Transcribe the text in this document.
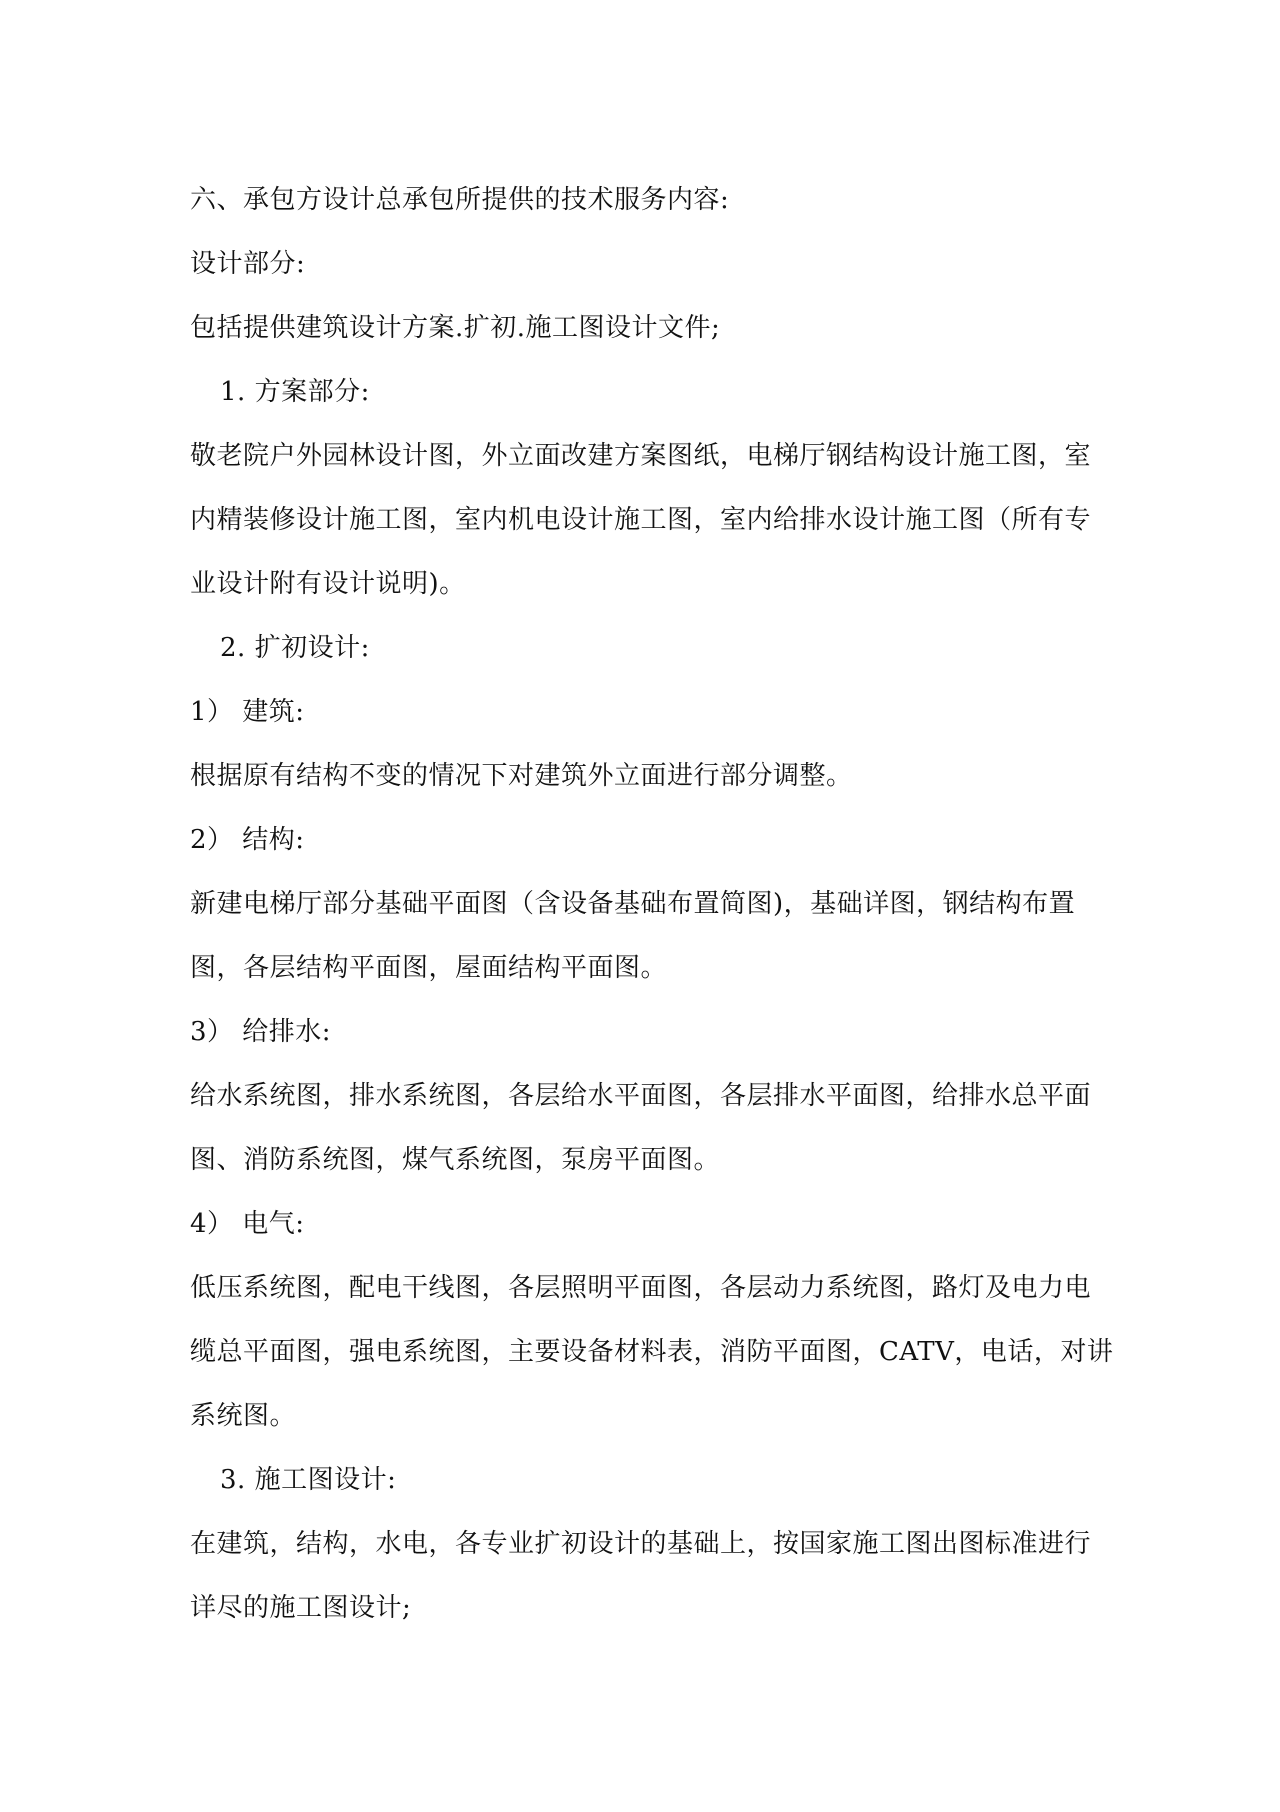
六、承包方设计总承包所提供的技术服务内容:
设计部分:
包括提供建筑设计方案.扩初.施工图设计文件;
1. 方案部分:
敬老院户外园林设计图，外立面改建方案图纸，电梯厅钢结构设计施工图，室
内精装修设计施工图，室内机电设计施工图，室内给排水设计施工图（所有专
业设计附有设计说明)。
2. 扩初设计:
1） 建筑:
根据原有结构不变的情况下对建筑外立面进行部分调整。
2） 结构:
新建电梯厅部分基础平面图（含设备基础布置简图)，基础详图，钢结构布置
图，各层结构平面图，屋面结构平面图。
3） 给排水:
给水系统图，排水系统图，各层给水平面图，各层排水平面图，给排水总平面
图、消防系统图，煤气系统图，泵房平面图。
4） 电气:
低压系统图，配电干线图，各层照明平面图，各层动力系统图，路灯及电力电
缆总平面图，强电系统图，主要设备材料表，消防平面图，CATV，电话，对讲
系统图。
3. 施工图设计:
在建筑，结构，水电，各专业扩初设计的基础上，按国家施工图出图标准进行
详尽的施工图设计;
